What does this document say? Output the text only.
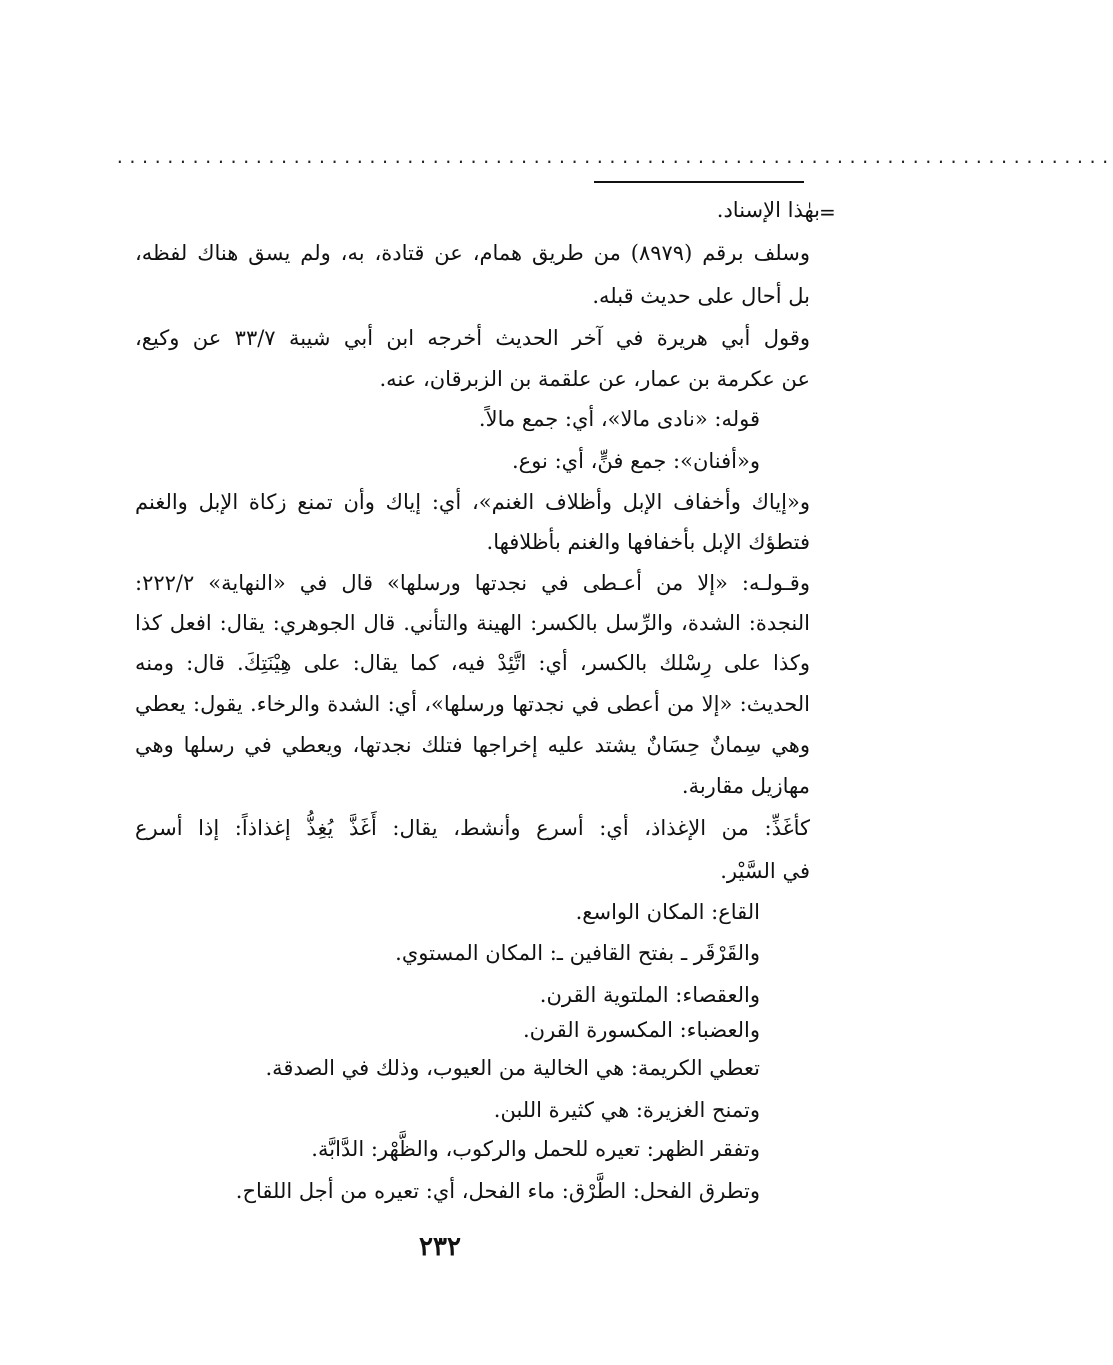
...............................................................................
=
بهٰذا الإسناد.
وسلف برقم (٨٩٧٩) من طريق همام، عن قتادة، به، ولم يسق هناك لفظه،
بل أحال على حديث قبله.
وقول أبي هريرة في آخر الحديث أخرجه ابن أبي شيبة ٣٣/٧ عن وكيع،
عن عكرمة بن عمار، عن علقمة بن الزبرقان، عنه.
قوله: «نادى مالا»، أي: جمع مالاً.
و«أفنان»: جمع فنٍّ، أي: نوع.
و«إياك وأخفاف الإبل وأظلاف الغنم»، أي: إياك وأن تمنع زكاة الإبل والغنم
فتطؤك الإبل بأخفافها والغنم بأظلافها.
وقـولـه: «إلا من أعـطى في نجدتها ورسلها» قال في «النهاية» ٢٢٢/٢:
النجدة: الشدة، والرِّسل بالكسر: الهينة والتأني. قال الجوهري: يقال: افعل كذا
وكذا على رِسْلك بالكسر، أي: اتَّئِدْ فيه، كما يقال: على هِيْنَتِكَ. قال: ومنه
الحديث: «إلا من أعطى في نجدتها ورسلها»، أي: الشدة والرخاء. يقول: يعطي
وهي سِمانٌ حِسَانٌ يشتد عليه إخراجها فتلك نجدتها، ويعطي في رسلها وهي
مهازيل مقاربة.
كأغَذِّ: من الإغذاذ، أي: أسرع وأنشط، يقال: أَغَذَّ يُغِذُّ إغذاذاً: إذا أسرع
في السَّيْر.
القاع: المكان الواسع.
والقَرْقَر ـ بفتح القافين ـ: المكان المستوي.
والعقصاء: الملتوية القرن.
والعضباء: المكسورة القرن.
تعطي الكريمة: هي الخالية من العيوب، وذلك في الصدقة.
وتمنح الغزيرة: هي كثيرة اللبن.
وتفقر الظهر: تعيره للحمل والركوب، والظَّهْر: الدَّابَّة.
وتطرق الفحل: الطَّرْق: ماء الفحل، أي: تعيره من أجل اللقاح.
٢٣٢
